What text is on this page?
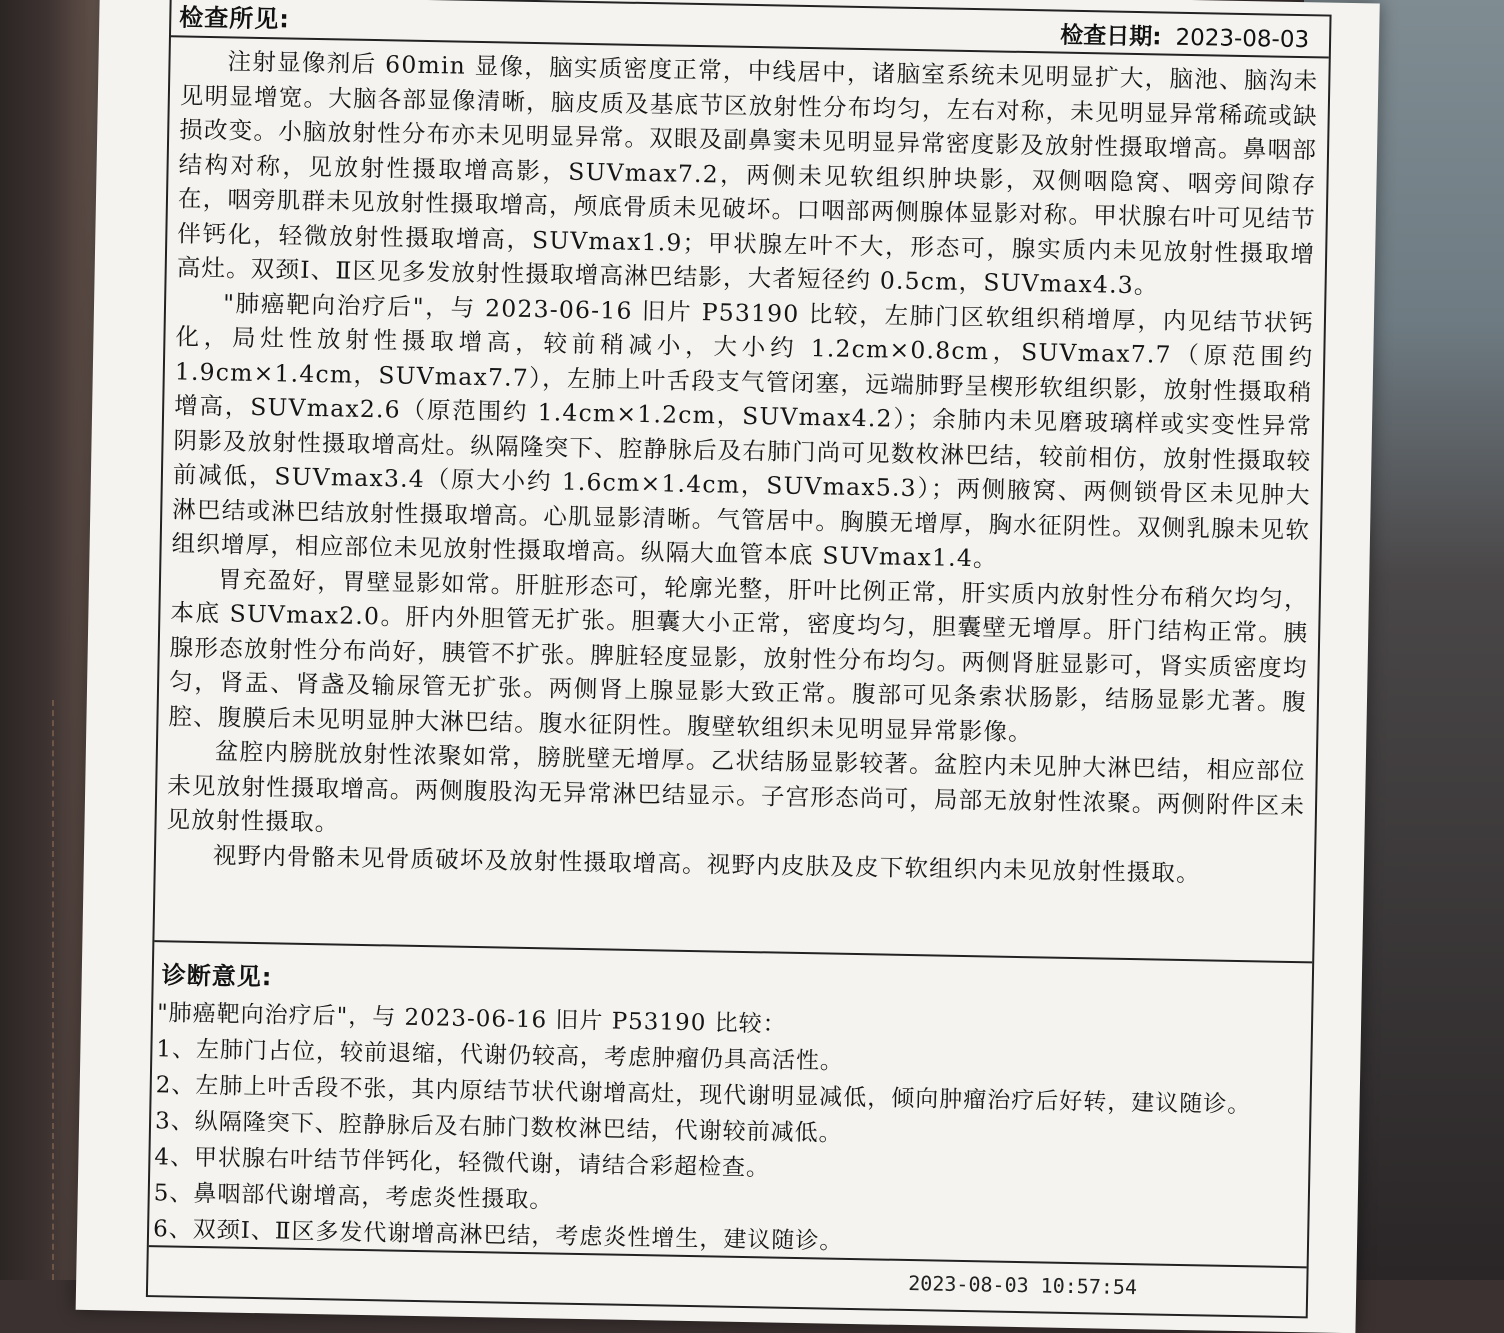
检查所见:
检查日期: 2023-08-03

注射显像剂后 60min 显像，脑实质密度正常，中线居中，诸脑室系统未见明显扩大，脑池、脑沟未见明显增宽。大脑各部显像清晰，脑皮质及基底节区放射性分布均匀，左右对称，未见明显异常稀疏或缺损改变。小脑放射性分布亦未见明显异常。双眼及副鼻窦未见明显异常密度影及放射性摄取增高。鼻咽部结构对称，见放射性摄取增高影，SUVmax7.2，两侧未见软组织肿块影，双侧咽隐窝、咽旁间隙存在，咽旁肌群未见放射性摄取增高，颅底骨质未见破坏。口咽部两侧腺体显影对称。甲状腺右叶可见结节伴钙化，轻微放射性摄取增高，SUVmax1.9；甲状腺左叶不大，形态可，腺实质内未见放射性摄取增高灶。双颈Ⅰ、Ⅱ区见多发放射性摄取增高淋巴结影，大者短径约 0.5cm，SUVmax4.3。

"肺癌靶向治疗后"，与 2023-06-16 旧片 P53190 比较，左肺门区软组织稍增厚，内见结节状钙化，局灶性放射性摄取增高，较前稍减小，大小约 1.2cm×0.8cm，SUVmax7.7（原范围约 1.9cm×1.4cm，SUVmax7.7），左肺上叶舌段支气管闭塞，远端肺野呈楔形软组织影，放射性摄取稍增高，SUVmax2.6（原范围约 1.4cm×1.2cm，SUVmax4.2）；余肺内未见磨玻璃样或实变性异常阴影及放射性摄取增高灶。纵隔隆突下、腔静脉后及右肺门尚可见数枚淋巴结，较前相仿，放射性摄取较前减低，SUVmax3.4（原大小约 1.6cm×1.4cm，SUVmax5.3）；两侧腋窝、两侧锁骨区未见肿大淋巴结或淋巴结放射性摄取增高。心肌显影清晰。气管居中。胸膜无增厚，胸水征阴性。双侧乳腺未见软组织增厚，相应部位未见放射性摄取增高。纵隔大血管本底 SUVmax1.4。

胃充盈好，胃壁显影如常。肝脏形态可，轮廓光整，肝叶比例正常，肝实质内放射性分布稍欠均匀，本底 SUVmax2.0。肝内外胆管无扩张。胆囊大小正常，密度均匀，胆囊壁无增厚。肝门结构正常。胰腺形态放射性分布尚好，胰管不扩张。脾脏轻度显影，放射性分布均匀。两侧肾脏显影可，肾实质密度均匀，肾盂、肾盏及输尿管无扩张。两侧肾上腺显影大致正常。腹部可见条索状肠影，结肠显影尤著。腹腔、腹膜后未见明显肿大淋巴结。腹水征阴性。腹壁软组织未见明显异常影像。

盆腔内膀胱放射性浓聚如常，膀胱壁无增厚。乙状结肠显影较著。盆腔内未见肿大淋巴结，相应部位未见放射性摄取增高。两侧腹股沟无异常淋巴结显示。子宫形态尚可，局部无放射性浓聚。两侧附件区未见放射性摄取。

视野内骨骼未见骨质破坏及放射性摄取增高。视野内皮肤及皮下软组织内未见放射性摄取。

诊断意见:
"肺癌靶向治疗后"，与 2023-06-16 旧片 P53190 比较：
1、左肺门占位，较前退缩，代谢仍较高，考虑肿瘤仍具高活性。
2、左肺上叶舌段不张，其内原结节状代谢增高灶，现代谢明显减低，倾向肿瘤治疗后好转，建议随诊。
3、纵隔隆突下、腔静脉后及右肺门数枚淋巴结，代谢较前减低。
4、甲状腺右叶结节伴钙化，轻微代谢，请结合彩超检查。
5、鼻咽部代谢增高，考虑炎性摄取。
6、双颈Ⅰ、Ⅱ区多发代谢增高淋巴结，考虑炎性增生，建议随诊。
2023-08-03 10:57:54
